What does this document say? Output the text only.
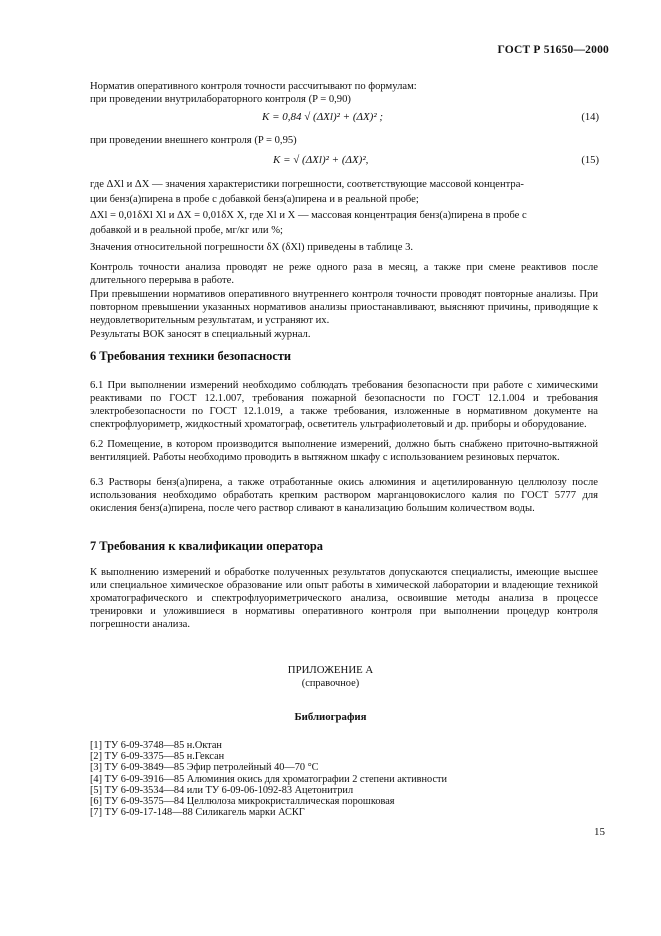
ГОСТ Р 51650—2000
Норматив оперативного контроля точности рассчитывают по формулам:
при проведении внутрилабораторного контроля (P = 0,90)
K = 0,84 √ (ΔXl)² + (ΔX)² ;	(14)
при проведении внешнего контроля (P = 0,95)
K = √ (ΔXl)² + (ΔX)²,	(15)
где ΔXl и ΔX — значения характеристики погрешности, соответствующие массовой концентра-
ции бенз(а)пирена в пробе с добавкой бенз(а)пирена и в реальной пробе;
ΔXl = 0,01δXl Xl и ΔX = 0,01δX X, где Xl и X — массовая концентрация бенз(а)пирена в пробе с
добавкой и в реальной пробе, мг/кг или %;
Значения относительной погрешности δX (δXl) приведены в таблице 3.
Контроль точности анализа проводят не реже одного раза в месяц, а также при смене реактивов после длительного перерыва в работе.
При превышении нормативов оперативного внутреннего контроля точности проводят повторные анализы. При повторном превышении указанных нормативов анализы приостанавливают, выясняют причины, приводящие к неудовлетворительным результатам, и устраняют их.
Результаты ВОК заносят в специальный журнал.
6 Требования техники безопасности
6.1 При выполнении измерений необходимо соблюдать требования безопасности при работе с химическими реактивами по ГОСТ 12.1.007, требования пожарной безопасности по ГОСТ 12.1.004 и требования электробезопасности по ГОСТ 12.1.019, а также требования, изложенные в нормативном документе на спектрофлуориметр, жидкостный хроматограф, осветитель ультрафиолетовый и др. приборы и оборудование.
6.2 Помещение, в котором производится выполнение измерений, должно быть снабжено приточно-вытяжной вентиляцией. Работы необходимо проводить в вытяжном шкафу с использованием резиновых перчаток.
6.3 Растворы бенз(а)пирена, а также отработанные окись алюминия и ацетилированную целлюлозу после использования необходимо обработать крепким раствором марганцовокислого калия по ГОСТ 5777 для окисления бенз(а)пирена, после чего раствор сливают в канализацию большим количеством воды.
7 Требования к квалификации оператора
К выполнению измерений и обработке полученных результатов допускаются специалисты, имеющие высшее или специальное химическое образование или опыт работы в химической лаборатории и владеющие техникой хроматографического и спектрофлуориметрического анализа, освоившие методы анализа в процессе тренировки и уложившиеся в нормативы оперативного контроля при выполнении процедур контроля погрешности анализа.
ПРИЛОЖЕНИЕ А
(справочное)
Библиография
[1] ТУ 6-09-3748—85 н.Октан
[2] ТУ 6-09-3375—85 н.Гексан
[3] ТУ 6-09-3849—85 Эфир петролейный 40—70 °С
[4] ТУ 6-09-3916—85 Алюминия окись для хроматографии 2 степени активности
[5] ТУ 6-09-3534—84 или ТУ 6-09-06-1092-83 Ацетонитрил
[6] ТУ 6-09-3575—84 Целлюлоза микрокристаллическая порошковая
[7] ТУ 6-09-17-148—88 Силикагель марки АСКГ
15
